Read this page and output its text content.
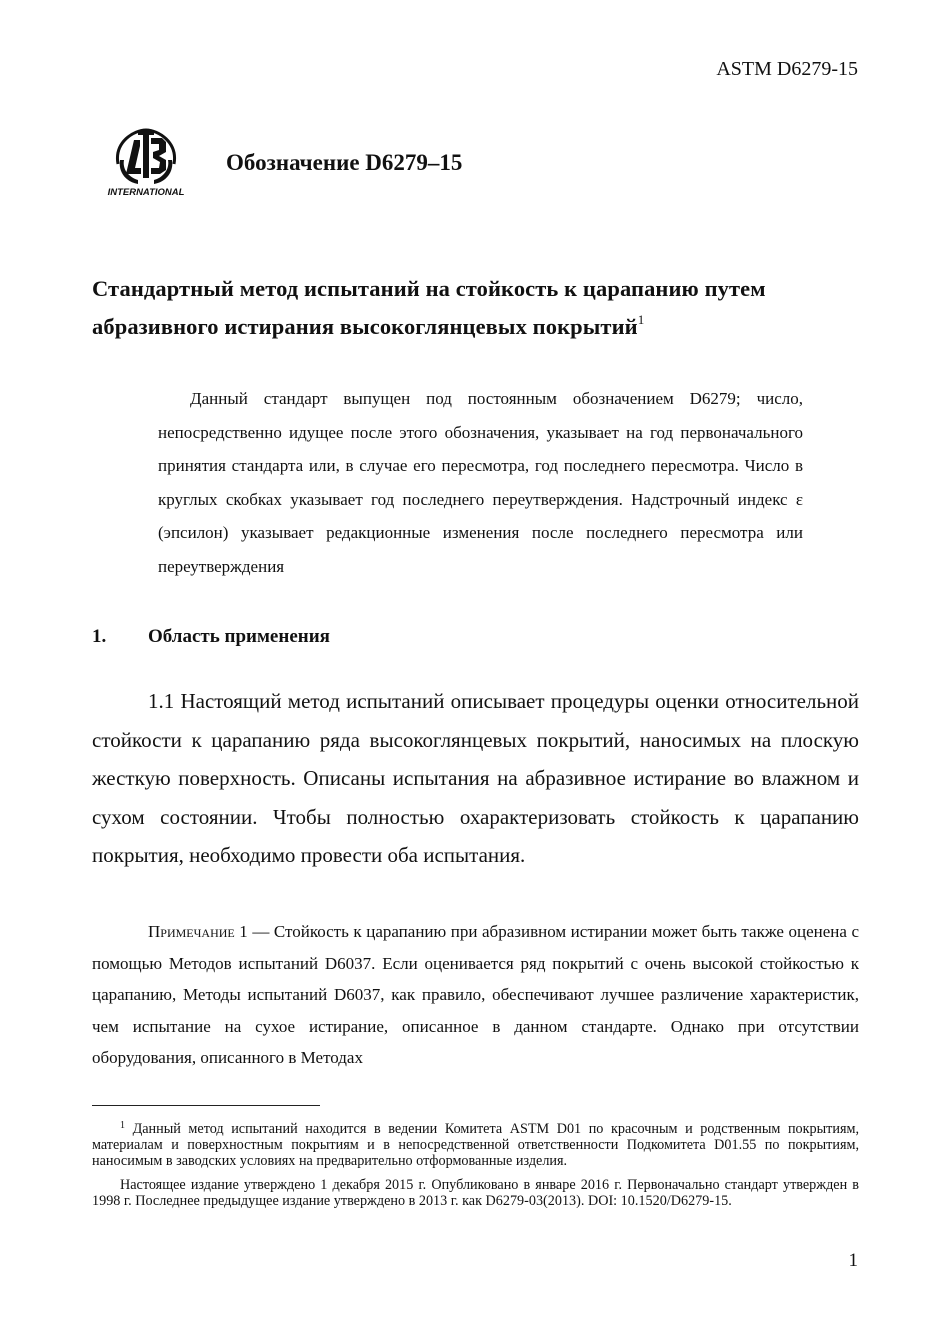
ASTM D6279-15
INTERNATIONAL
Обозначение D6279–15
Стандартный метод испытаний на стойкость к царапанию путем абразивного истирания высокоглянцевых покрытий$^1$
Данный стандарт выпущен под постоянным обозначением D6279; число, непосредственно идущее после этого обозначения, указывает на год первоначального принятия стандарта или, в случае его пересмотра, год последнего пересмотра. Число в круглых скобках указывает год последнего переутверждения. Надстрочный индекс ε (эпсилон) указывает редакционные изменения после последнего пересмотра или переутверждения
1. Область применения
1.1 Настоящий метод испытаний описывает процедуры оценки относительной стойкости к царапанию ряда высокоглянцевых покрытий, наносимых на плоскую жесткую поверхность. Описаны испытания на абразивное истирание во влажном и сухом состоянии. Чтобы полностью охарактеризовать стойкость к царапанию покрытия, необходимо провести оба испытания.
Примечание 1 — Стойкость к царапанию при абразивном истирании может быть также оценена с помощью Методов испытаний D6037. Если оценивается ряд покрытий с очень высокой стойкостью к царапанию, Методы испытаний D6037, как правило, обеспечивают лучшее различение характеристик, чем испытание на сухое истирание, описанное в данном стандарте. Однако при отсутствии оборудования, описанного в Методах
$^1$ Данный метод испытаний находится в ведении Комитета ASTM D01 по красочным и родственным покрытиям, материалам и поверхностным покрытиям и в непосредственной ответственности Подкомитета D01.55 по покрытиям, наносимым в заводских условиях на предварительно отформованные изделия.
Настоящее издание утверждено 1 декабря 2015 г. Опубликовано в январе 2016 г. Первоначально стандарт утвержден в 1998 г. Последнее предыдущее издание утверждено в 2013 г. как D6279-03(2013). DOI: 10.1520/D6279-15.
1
